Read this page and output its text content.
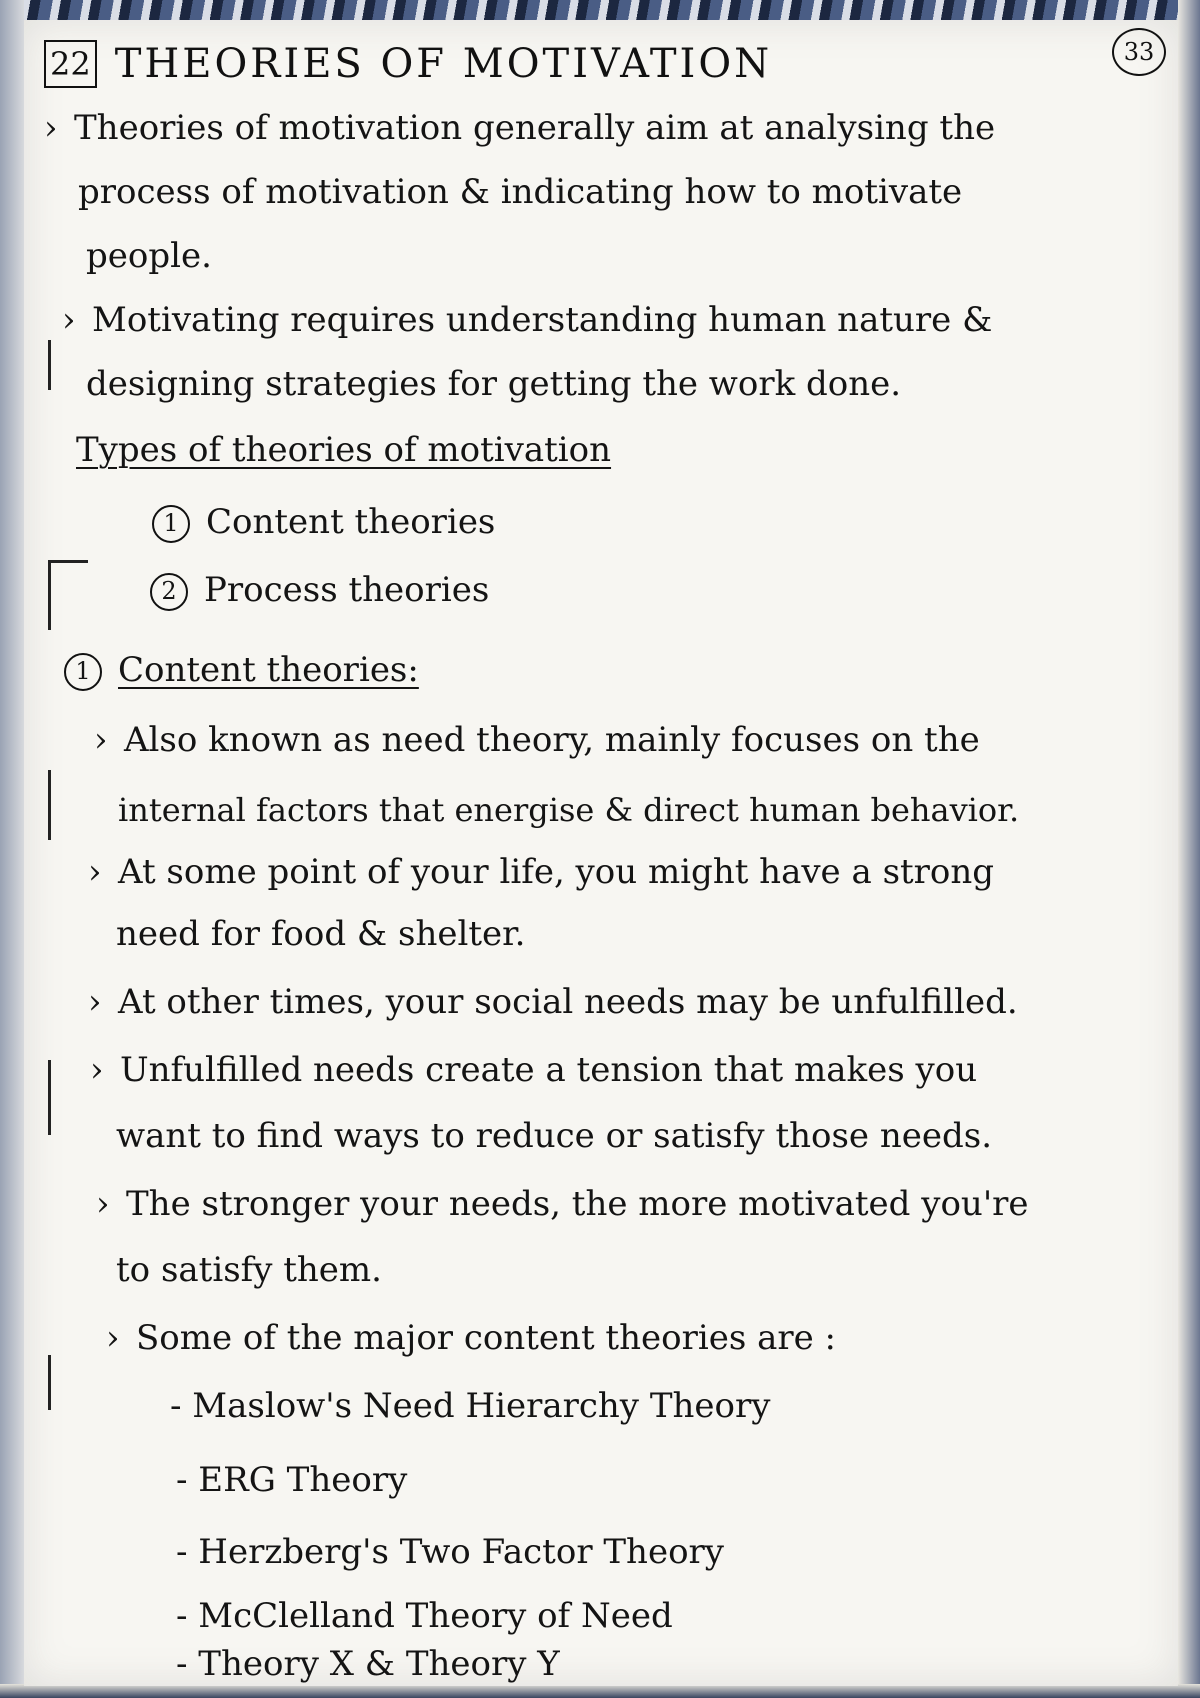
33
22 THEORIES OF MOTIVATION
› Theories of motivation generally aim at analysing the
process of motivation & indicating how to motivate
people.
› Motivating requires understanding human nature &
designing strategies for getting the work done.
Types of theories of motivation
1 Content theories
2 Process theories
1 Content theories:
› Also known as need theory, mainly focuses on the
internal factors that energise & direct human behavior.
› At some point of your life, you might have a strong
need for food & shelter.
› At other times, your social needs may be unfulfilled.
› Unfulfilled needs create a tension that makes you
want to find ways to reduce or satisfy those needs.
› The stronger your needs, the more motivated you're
to satisfy them.
› Some of the major content theories are :
- Maslow's Need Hierarchy Theory
- ERG Theory
- Herzberg's Two Factor Theory
- McClelland Theory of Need
- Theory X & Theory Y
